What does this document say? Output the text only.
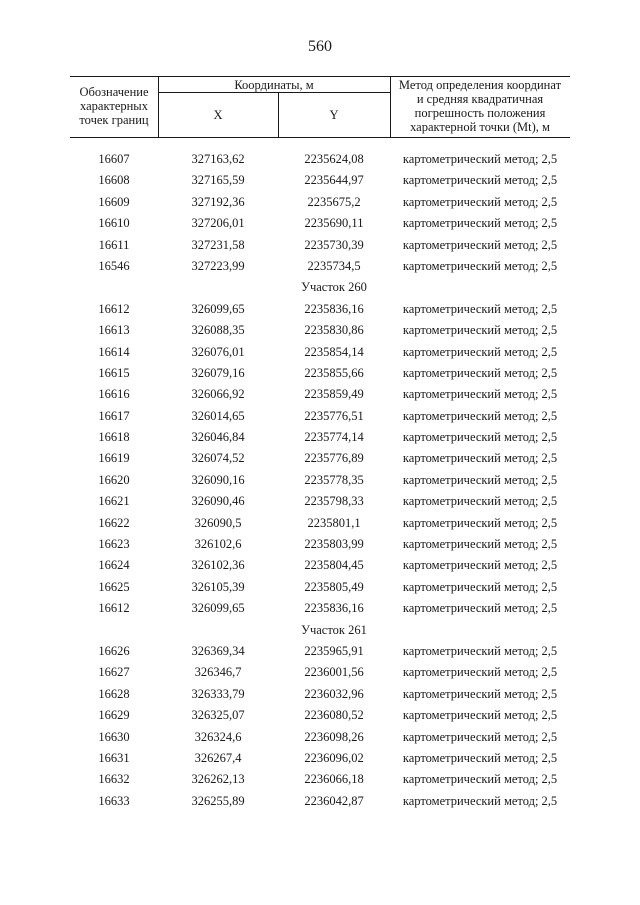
560
Обозначение
характерных
точек границ
Координаты, м
X	Y
Метод определения координат
и средняя квадратичная
погрешность положения
характерной точки (Mt), м
16607	327163,62	2235624,08	картометрический метод; 2,5
16608	327165,59	2235644,97	картометрический метод; 2,5
16609	327192,36	2235675,2	картометрический метод; 2,5
16610	327206,01	2235690,11	картометрический метод; 2,5
16611	327231,58	2235730,39	картометрический метод; 2,5
16546	327223,99	2235734,5	картометрический метод; 2,5
Участок 260
16612	326099,65	2235836,16	картометрический метод; 2,5
16613	326088,35	2235830,86	картометрический метод; 2,5
16614	326076,01	2235854,14	картометрический метод; 2,5
16615	326079,16	2235855,66	картометрический метод; 2,5
16616	326066,92	2235859,49	картометрический метод; 2,5
16617	326014,65	2235776,51	картометрический метод; 2,5
16618	326046,84	2235774,14	картометрический метод; 2,5
16619	326074,52	2235776,89	картометрический метод; 2,5
16620	326090,16	2235778,35	картометрический метод; 2,5
16621	326090,46	2235798,33	картометрический метод; 2,5
16622	326090,5	2235801,1	картометрический метод; 2,5
16623	326102,6	2235803,99	картометрический метод; 2,5
16624	326102,36	2235804,45	картометрический метод; 2,5
16625	326105,39	2235805,49	картометрический метод; 2,5
16612	326099,65	2235836,16	картометрический метод; 2,5
Участок 261
16626	326369,34	2235965,91	картометрический метод; 2,5
16627	326346,7	2236001,56	картометрический метод; 2,5
16628	326333,79	2236032,96	картометрический метод; 2,5
16629	326325,07	2236080,52	картометрический метод; 2,5
16630	326324,6	2236098,26	картометрический метод; 2,5
16631	326267,4	2236096,02	картометрический метод; 2,5
16632	326262,13	2236066,18	картометрический метод; 2,5
16633	326255,89	2236042,87	картометрический метод; 2,5
